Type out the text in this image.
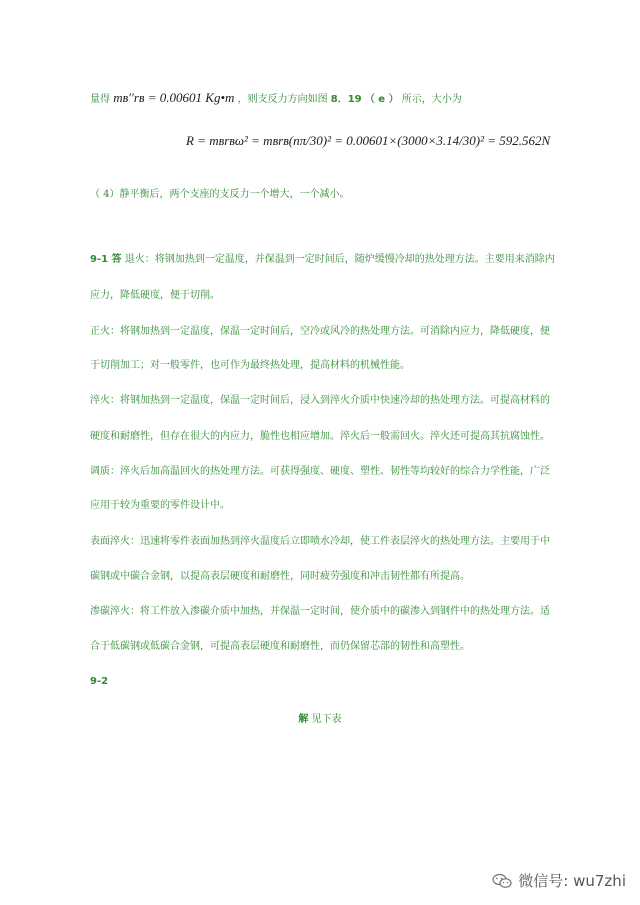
量得 mʙ′′rʙ = 0.00601 Kg•m ，则支反力方向如图 8．19 （ e ） 所示，大小为
R = mʙrʙω² = mʙrʙ(nπ/30)² = 0.00601×(3000×3.14/30)² = 592.562N
（ 4）静平衡后，两个支座的支反力一个增大，一个减小。
9-1 答 退火：将钢加热到一定温度，并保温到一定时间后，随炉缓慢冷却的热处理方法。主要用来消除内
应力，降低硬度，便于切削。
正火：将钢加热到一定温度，保温一定时间后，空冷或风冷的热处理方法。可消除内应力，降低硬度，便
于切削加工；对一般零件，也可作为最终热处理，提高材料的机械性能。
淬火：将钢加热到一定温度，保温一定时间后，浸入到淬火介质中快速冷却的热处理方法。可提高材料的
硬度和耐磨性，但存在很大的内应力，脆性也相应增加。淬火后一般需回火。淬火还可提高其抗腐蚀性。
调质：淬火后加高温回火的热处理方法。可获得强度、硬度、塑性、韧性等均较好的综合力学性能，广泛
应用于较为重要的零件设计中。
表面淬火：迅速将零件表面加热到淬火温度后立即喷水冷却，使工件表层淬火的热处理方法。主要用于中
碳钢或中碳合金钢，以提高表层硬度和耐磨性，同时疲劳强度和冲击韧性都有所提高。
渗碳淬火：将工件放入渗碳介质中加热，并保温一定时间，使介质中的碳渗入到钢件中的热处理方法。适
合于低碳钢或低碳合金钢，可提高表层硬度和耐磨性，而仍保留芯部的韧性和高塑性。
9-2
解 见下表
微信号: wu7zhi
